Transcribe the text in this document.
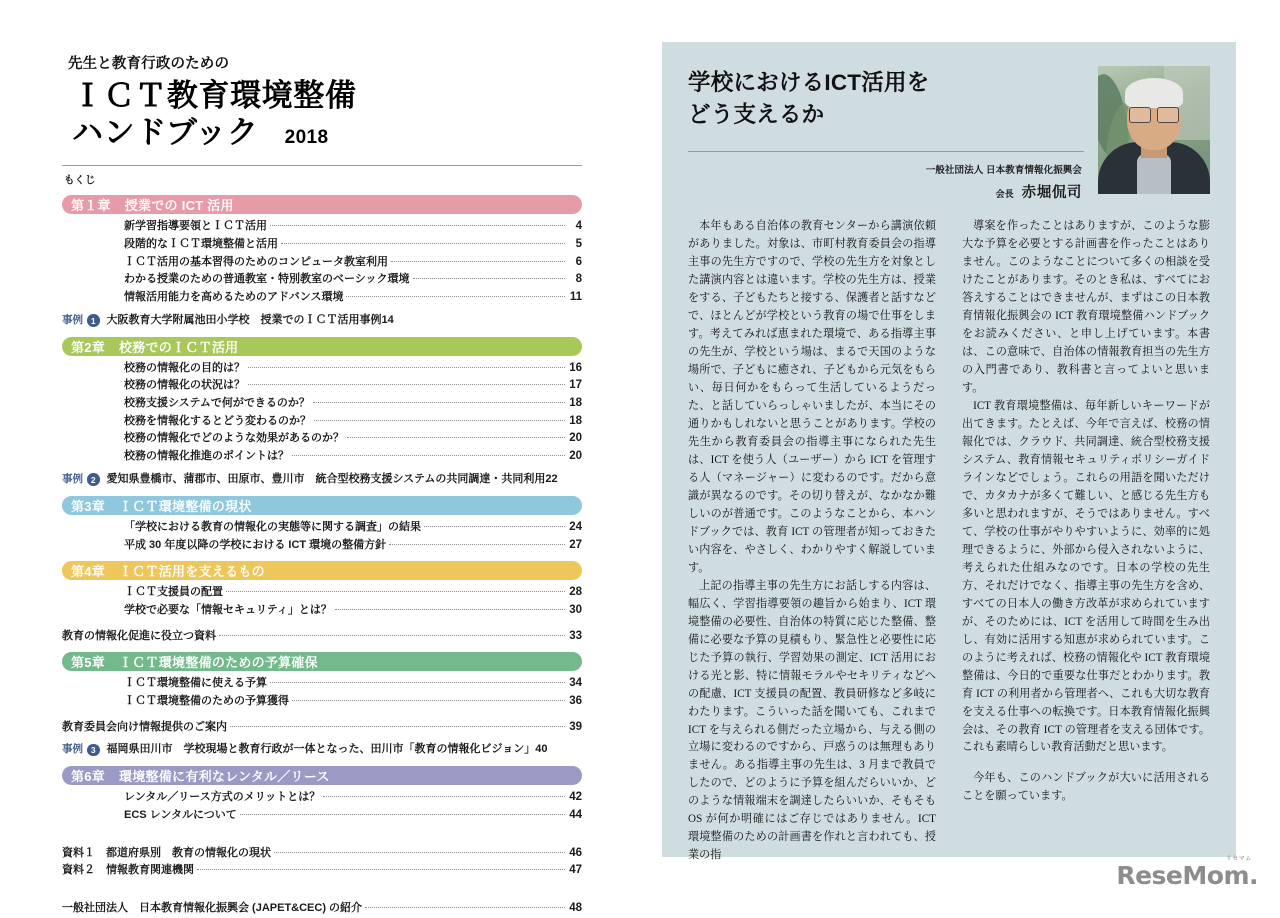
先生と教育行政のための
ＩＣＴ教育環境整備
ハンドブック 2018
もくじ
第１章 授業での ICT 活用
新学習指導要領とＩＣＴ活用	4
段階的なＩＣＴ環境整備と活用	5
ＩＣＴ活用の基本習得のためのコンピュータ教室利用	6
わかる授業のための普通教室・特別教室のベーシック環境	8
情報活用能力を高めるためのアドバンス環境	11
事例 1 大阪教育大学附属池田小学校　授業でのＩＣＴ活用事例 14
第2章 校務でのＩＣＴ活用
校務の情報化の目的は？	16
校務の情報化の状況は？	17
校務支援システムで何ができるのか？	18
校務を情報化するとどう変わるのか？	18
校務の情報化でどのような効果があるのか？	20
校務の情報化推進のポイントは？	20
事例 2 愛知県豊橋市、蒲郡市、田原市、豊川市　統合型校務支援システムの共同調達・共同利用 22
第3章 ＩＣＴ環境整備の現状
「学校における教育の情報化の実態等に関する調査」の結果	24
平成 30 年度以降の学校における ICT 環境の整備方針	27
第4章 ＩＣＴ活用を支えるもの
ＩＣＴ支援員の配置	28
学校で必要な「情報セキュリティ」とは？	30
教育の情報化促進に役立つ資料	33
第5章 ＩＣＴ環境整備のための予算確保
ＩＣＴ環境整備に使える予算	34
ＩＣＴ環境整備のための予算獲得	36
教育委員会向け情報提供のご案内	39
事例 3 福岡県田川市　学校現場と教育行政が一体となった、田川市「教育の情報化ビジョン」 40
第6章 環境整備に有利なレンタル／リース
レンタル／リース方式のメリットとは？	42
ECS レンタルについて	44
資料１　都道府県別　教育の情報化の現状	46
資料２　情報教育関連機関	47
一般社団法人　日本教育情報化振興会 (JAPET&CEC) の紹介	48
学校におけるICT活用を
どう支えるか
一般社団法人 日本教育情報化振興会
会長 赤堀侃司

本年もある自治体の教育センターから講演依頼がありました。対象は、市町村教育委員会の指導主事の先生方ですので、学校の先生方を対象とした講演内容とは違います。学校の先生方は、授業をする、子どもたちと接する、保護者と話すなどで、ほとんどが学校という教育の場で仕事をします。考えてみれば恵まれた環境で、ある指導主事の先生が、学校という場は、まるで天国のような場所で、子どもに癒され、子どもから元気をもらい、毎日何かをもらって生活しているようだった、と話していらっしゃいましたが、本当にその通りかもしれないと思うことがあります。学校の先生から教育委員会の指導主事になられた先生は、ICT を使う人（ユーザー）から ICT を管理する人（マネージャー）に変わるのです。だから意識が異なるのです。その切り替えが、なかなか難しいのが普通です。このようなことから、本ハンドブックでは、教育 ICT の管理者が知っておきたい内容を、やさしく、わかりやすく解説しています。

上記の指導主事の先生方にお話しする内容は、幅広く、学習指導要領の趣旨から始まり、ICT 環境整備の必要性、自治体の特質に応じた整備、整備に必要な予算の見積もり、緊急性と必要性に応じた予算の執行、学習効果の測定、ICT 活用における光と影、特に情報モラルやセキリティなどへの配慮、ICT 支援員の配置、教員研修など多岐にわたります。こういった話を聞いても、これまで ICT を与えられる側だった立場から、与える側の立場に変わるのですから、戸惑うのは無理もありません。ある指導主事の先生は、3 月まで教員でしたので、どのように予算を組んだらいいか、どのような情報端末を調達したらいいか、そもそも OS が何か明確にはご存じではありません。ICT 環境整備のための計画書を作れと言われても、授業の指

導案を作ったことはありますが、このような膨大な予算を必要とする計画書を作ったことはありません。このようなことについて多くの相談を受けたことがあります。そのとき私は、すべてにお答えすることはできませんが、まずはこの日本教育情報化振興会の ICT 教育環境整備ハンドブックをお読みください、と申し上げています。本書は、この意味で、自治体の情報教育担当の先生方の入門書であり、教科書と言ってよいと思います。

ICT 教育環境整備は、毎年新しいキーワードが出てきます。たとえば、今年で言えば、校務の情報化では、クラウド、共同調達、統合型校務支援システム、教育情報セキュリティポリシーガイドラインなどでしょう。これらの用語を聞いただけで、カタカナが多くて難しい、と感じる先生方も多いと思われますが、そうではありません。すべて、学校の仕事がやりやすいように、効率的に処理できるように、外部から侵入されないように、考えられた仕組みなのです。日本の学校の先生方、それだけでなく、指導主事の先生方を含め、すべての日本人の働き方改革が求められていますが、そのためには、ICT を活用して時間を生み出し、有効に活用する知恵が求められています。このように考えれば、校務の情報化や ICT 教育環境整備は、今日的で重要な仕事だとわかります。教育 ICT の利用者から管理者へ、これも大切な教育を支える仕事への転換です。日本教育情報化振興会は、その教育 ICT の管理者を支える団体です。これも素晴らしい教育活動だと思います。

今年も、このハンドブックが大いに活用されることを願っています。

ReseMom.
リセマム
